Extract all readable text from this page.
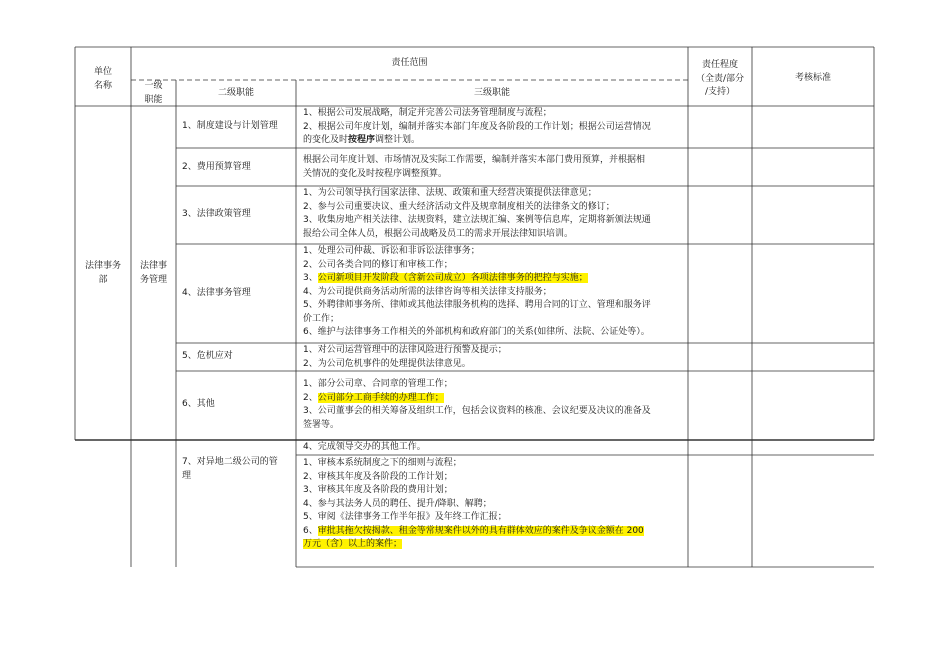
单位
名称
责任范围
一级
职能
二级职能	三级职能
责任程度
（全责/部分
/支持）
考核标准
法律事务
部
法律事
务管理
1、制度建设与计划管理
2、费用预算管理
3、法律政策管理
4、法律事务管理
5、危机应对
6、其他
7、对异地二级公司的管
理
1、根据公司发展战略，制定并完善公司法务管理制度与流程；
2、根据公司年度计划，编制并落实本部门年度及各阶段的工作计划；根据公司运营情况
的变化及时按程序调整计划。
根据公司年度计划、市场情况及实际工作需要，编制并落实本部门费用预算，并根据相
关情况的变化及时按程序调整预算。
1、为公司领导执行国家法律、法规、政策和重大经营决策提供法律意见；
2、参与公司重要决议、重大经济活动文件及规章制度相关的法律条文的修订；
3、收集房地产相关法律、法规资料，建立法规汇编、案例等信息库，定期将新颁法规通
报给公司全体人员，根据公司战略及员工的需求开展法律知识培训。
1、处理公司仲裁、诉讼和非诉讼法律事务；
2、公司各类合同的修订和审核工作；
3、公司新项目开发阶段（含新公司成立）各项法律事务的把控与实施；
4、为公司提供商务活动所需的法律咨询等相关法律支持服务；
5、外聘律师事务所、律师或其他法律服务机构的选择、聘用合同的订立、管理和服务评
价工作；
6、维护与法律事务工作相关的外部机构和政府部门的关系(如律所、法院、公证处等）。
1、对公司运营管理中的法律风险进行预警及提示；
2、为公司危机事件的处理提供法律意见。
1、部分公司章、合同章的管理工作；
2、公司部分工商手续的办理工作；
3、公司董事会的相关筹备及组织工作，包括会议资料的核准、会议纪要及决议的准备及
签署等。
4、完成领导交办的其他工作。
1、审核本系统制度之下的细则与流程；
2、审核其年度及各阶段的工作计划；
3、审核其年度及各阶段的费用计划；
4、参与其法务人员的聘任、提升/降职、解聘；
5、审阅《法律事务工作半年报》及年终工作汇报；
6、审批其拖欠按揭款、租金等常规案件以外的具有群体效应的案件及争议金额在 200
万元（含）以上的案件；
